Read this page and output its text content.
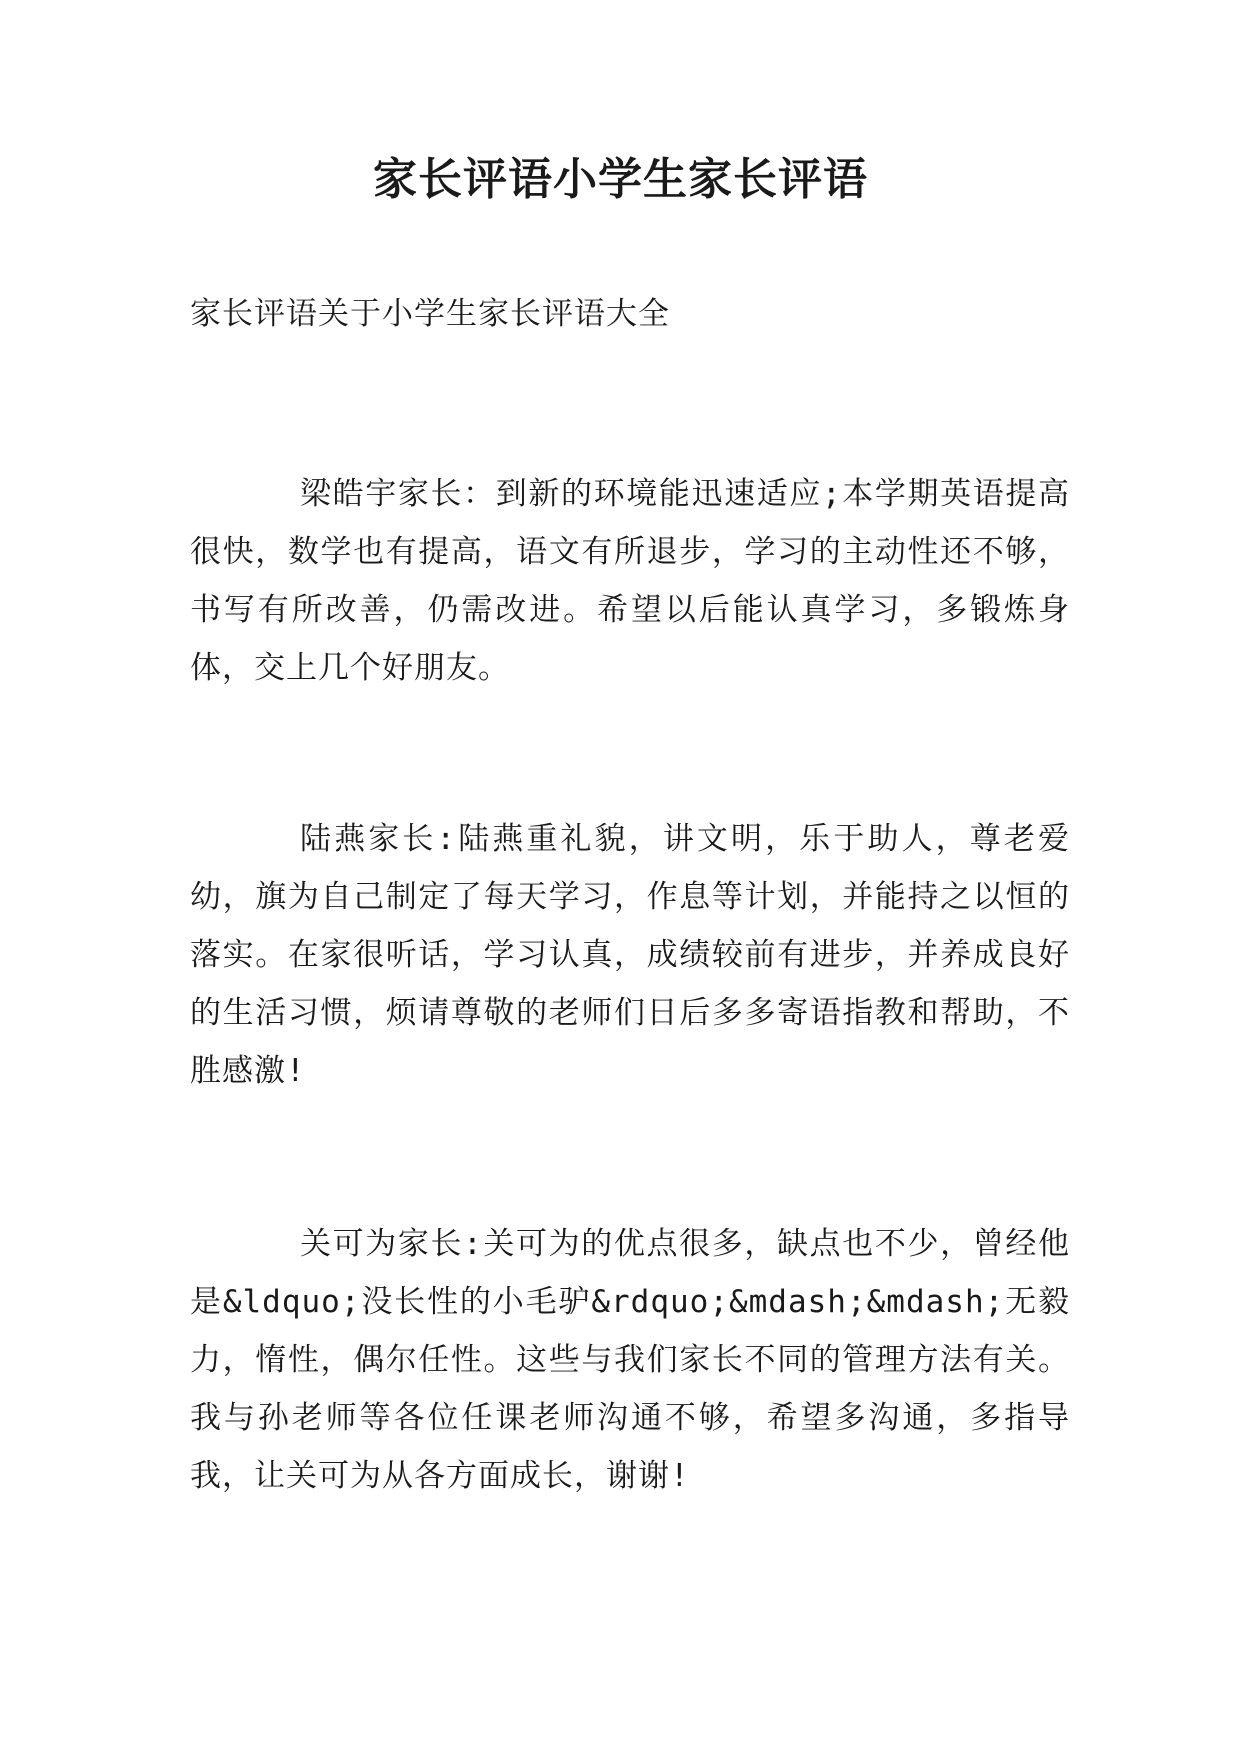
家长评语小学生家长评语

家长评语关于小学生家长评语大全

梁皓宇家长：到新的环境能迅速适应;本学期英语提高很快，数学也有提高，语文有所退步，学习的主动性还不够，书写有所改善，仍需改进。希望以后能认真学习，多锻炼身体，交上几个好朋友。

陆燕家长:陆燕重礼貌，讲文明，乐于助人，尊老爱幼，旗为自己制定了每天学习，作息等计划，并能持之以恒的落实。在家很听话，学习认真，成绩较前有进步，并养成良好的生活习惯，烦请尊敬的老师们日后多多寄语指教和帮助，不胜感激!

关可为家长:关可为的优点很多，缺点也不少，曾经他是&ldquo;没长性的小毛驴&rdquo;&mdash;&mdash;无毅力，惰性，偶尔任性。这些与我们家长不同的管理方法有关。我与孙老师等各位任课老师沟通不够，希望多沟通，多指导我，让关可为从各方面成长，谢谢!
